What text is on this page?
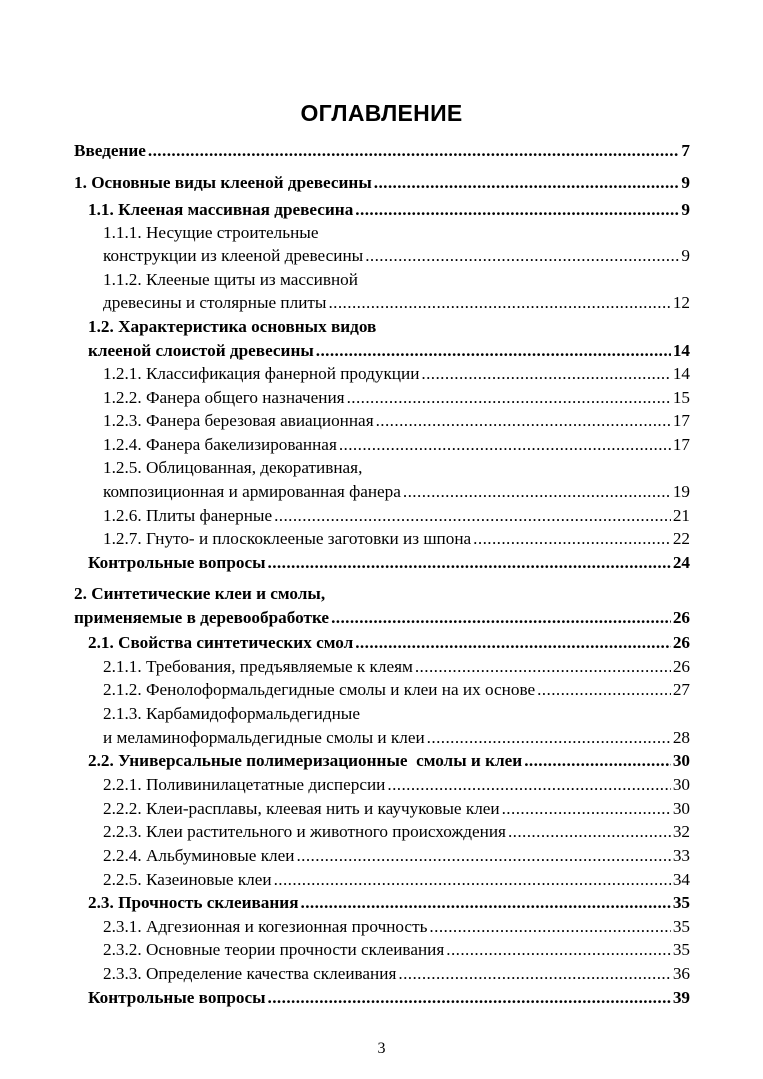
ОГЛАВЛЕНИЕ
Введение .....	7
1. Основные виды клееной древесины .....	9
1.1. Клееная массивная древесина .....	9
1.1.1. Несущие строительные
конструкции из клееной древесины .....	9
1.1.2. Клееные щиты из массивной
древесины и столярные плиты .....	12
1.2. Характеристика основных видов
клееной слоистой древесины .....	14
1.2.1. Классификация фанерной продукции .....	14
1.2.2. Фанера общего назначения .....	15
1.2.3. Фанера березовая авиационная .....	17
1.2.4. Фанера бакелизированная .....	17
1.2.5. Облицованная, декоративная,
композиционная и армированная фанера .....	19
1.2.6. Плиты фанерные .....	21
1.2.7. Гнуто- и плоскоклееные заготовки из шпона .....	22
Контрольные вопросы .....	24
2. Синтетические клеи и смолы,
применяемые в деревообработке .....	26
2.1. Свойства синтетических смол .....	26
2.1.1. Требования, предъявляемые к клеям .....	26
2.1.2. Фенолоформальдегидные смолы и клеи на их основе .....	27
2.1.3. Карбамидоформальдегидные
и меламиноформальдегидные смолы и клеи .....	28
2.2. Универсальные полимеризационные  смолы и клеи .....	30
2.2.1. Поливинилацетатные дисперсии .....	30
2.2.2. Клеи-расплавы, клеевая нить и каучуковые клеи .....	30
2.2.3. Клеи растительного и животного происхождения .....	32
2.2.4. Альбуминовые клеи .....	33
2.2.5. Казеиновые клеи .....	34
2.3. Прочность склеивания .....	35
2.3.1. Адгезионная и когезионная прочность .....	35
2.3.2. Основные теории прочности склеивания .....	35
2.3.3. Определение качества склеивания .....	36
Контрольные вопросы .....	39
3
